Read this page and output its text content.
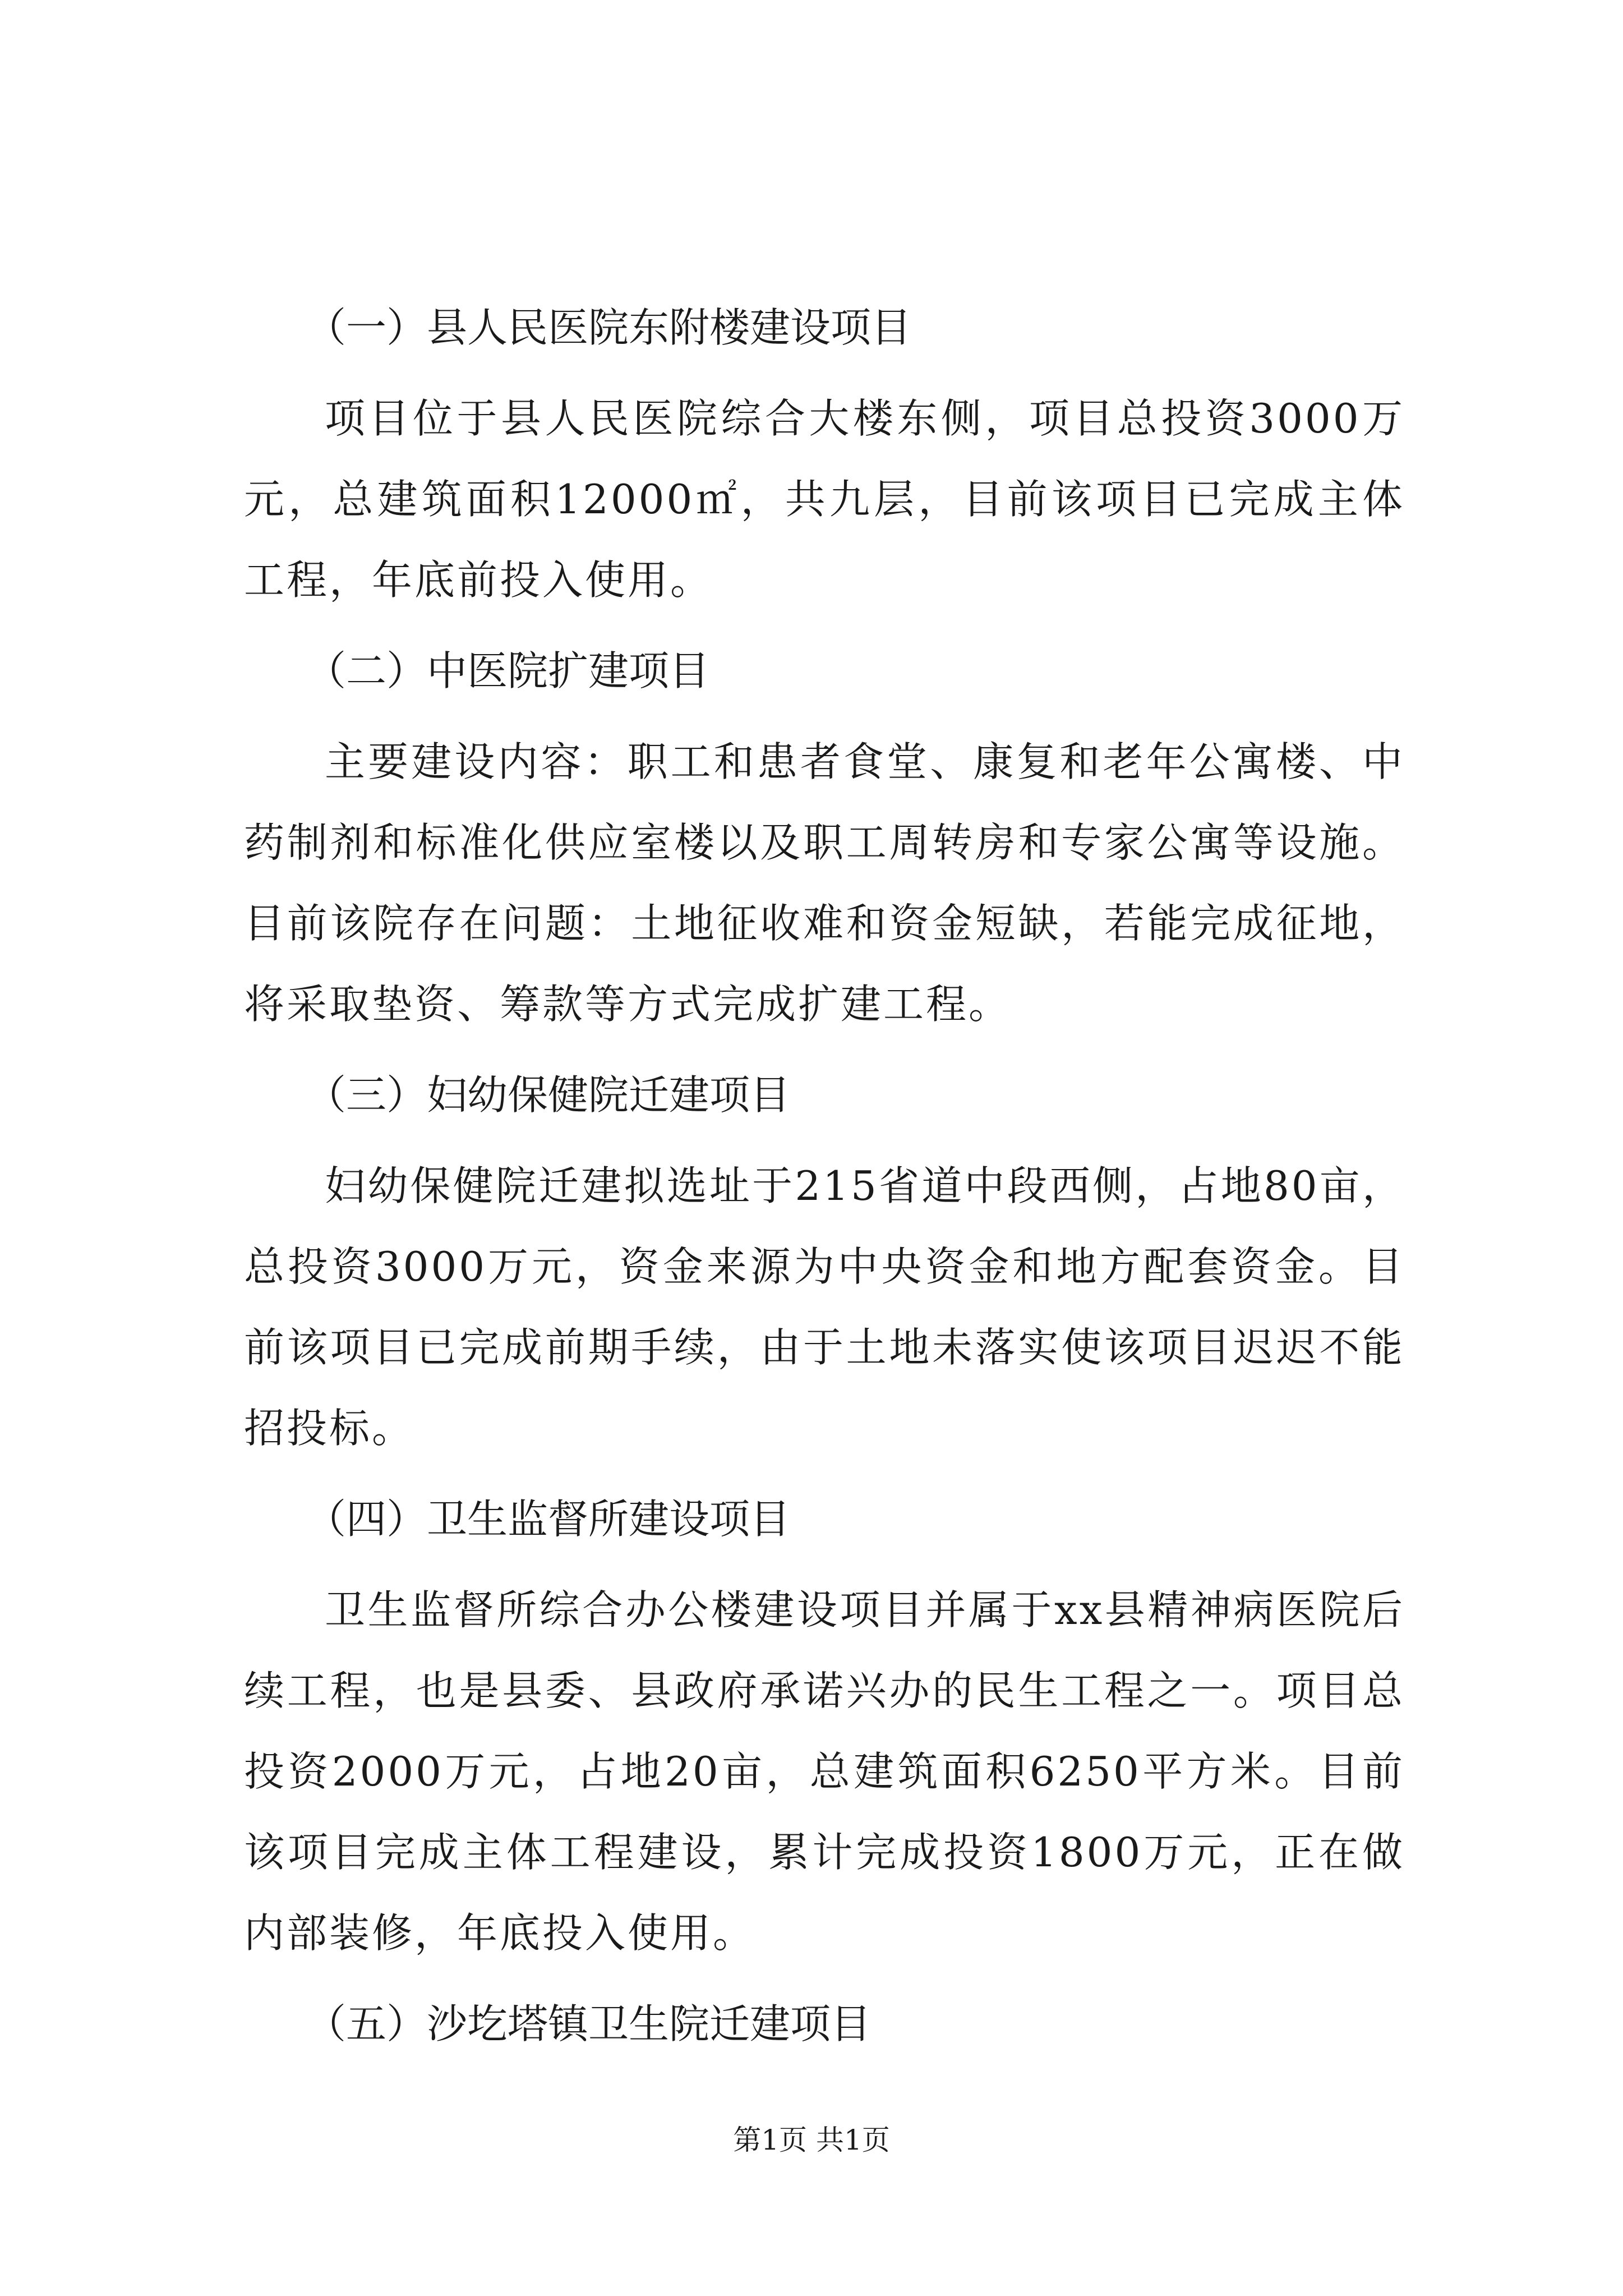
（一）县人民医院东附楼建设项目
项目位于县人民医院综合大楼东侧，项目总投资3000万元，总建筑面积12000㎡，共九层，目前该项目已完成主体工程，年底前投入使用。
（二）中医院扩建项目
主要建设内容：职工和患者食堂、康复和老年公寓楼、中药制剂和标准化供应室楼以及职工周转房和专家公寓等设施。目前该院存在问题：土地征收难和资金短缺，若能完成征地，将采取垫资、筹款等方式完成扩建工程。
（三）妇幼保健院迁建项目
妇幼保健院迁建拟选址于215省道中段西侧，占地80亩，总投资3000万元，资金来源为中央资金和地方配套资金。目前该项目已完成前期手续，由于土地未落实使该项目迟迟不能招投标。
（四）卫生监督所建设项目
卫生监督所综合办公楼建设项目并属于xx县精神病医院后续工程，也是县委、县政府承诺兴办的民生工程之一。项目总投资2000万元，占地20亩，总建筑面积6250平方米。目前该项目完成主体工程建设，累计完成投资1800万元，正在做内部装修，年底投入使用。
（五）沙圪塔镇卫生院迁建项目
第1页 共1页
